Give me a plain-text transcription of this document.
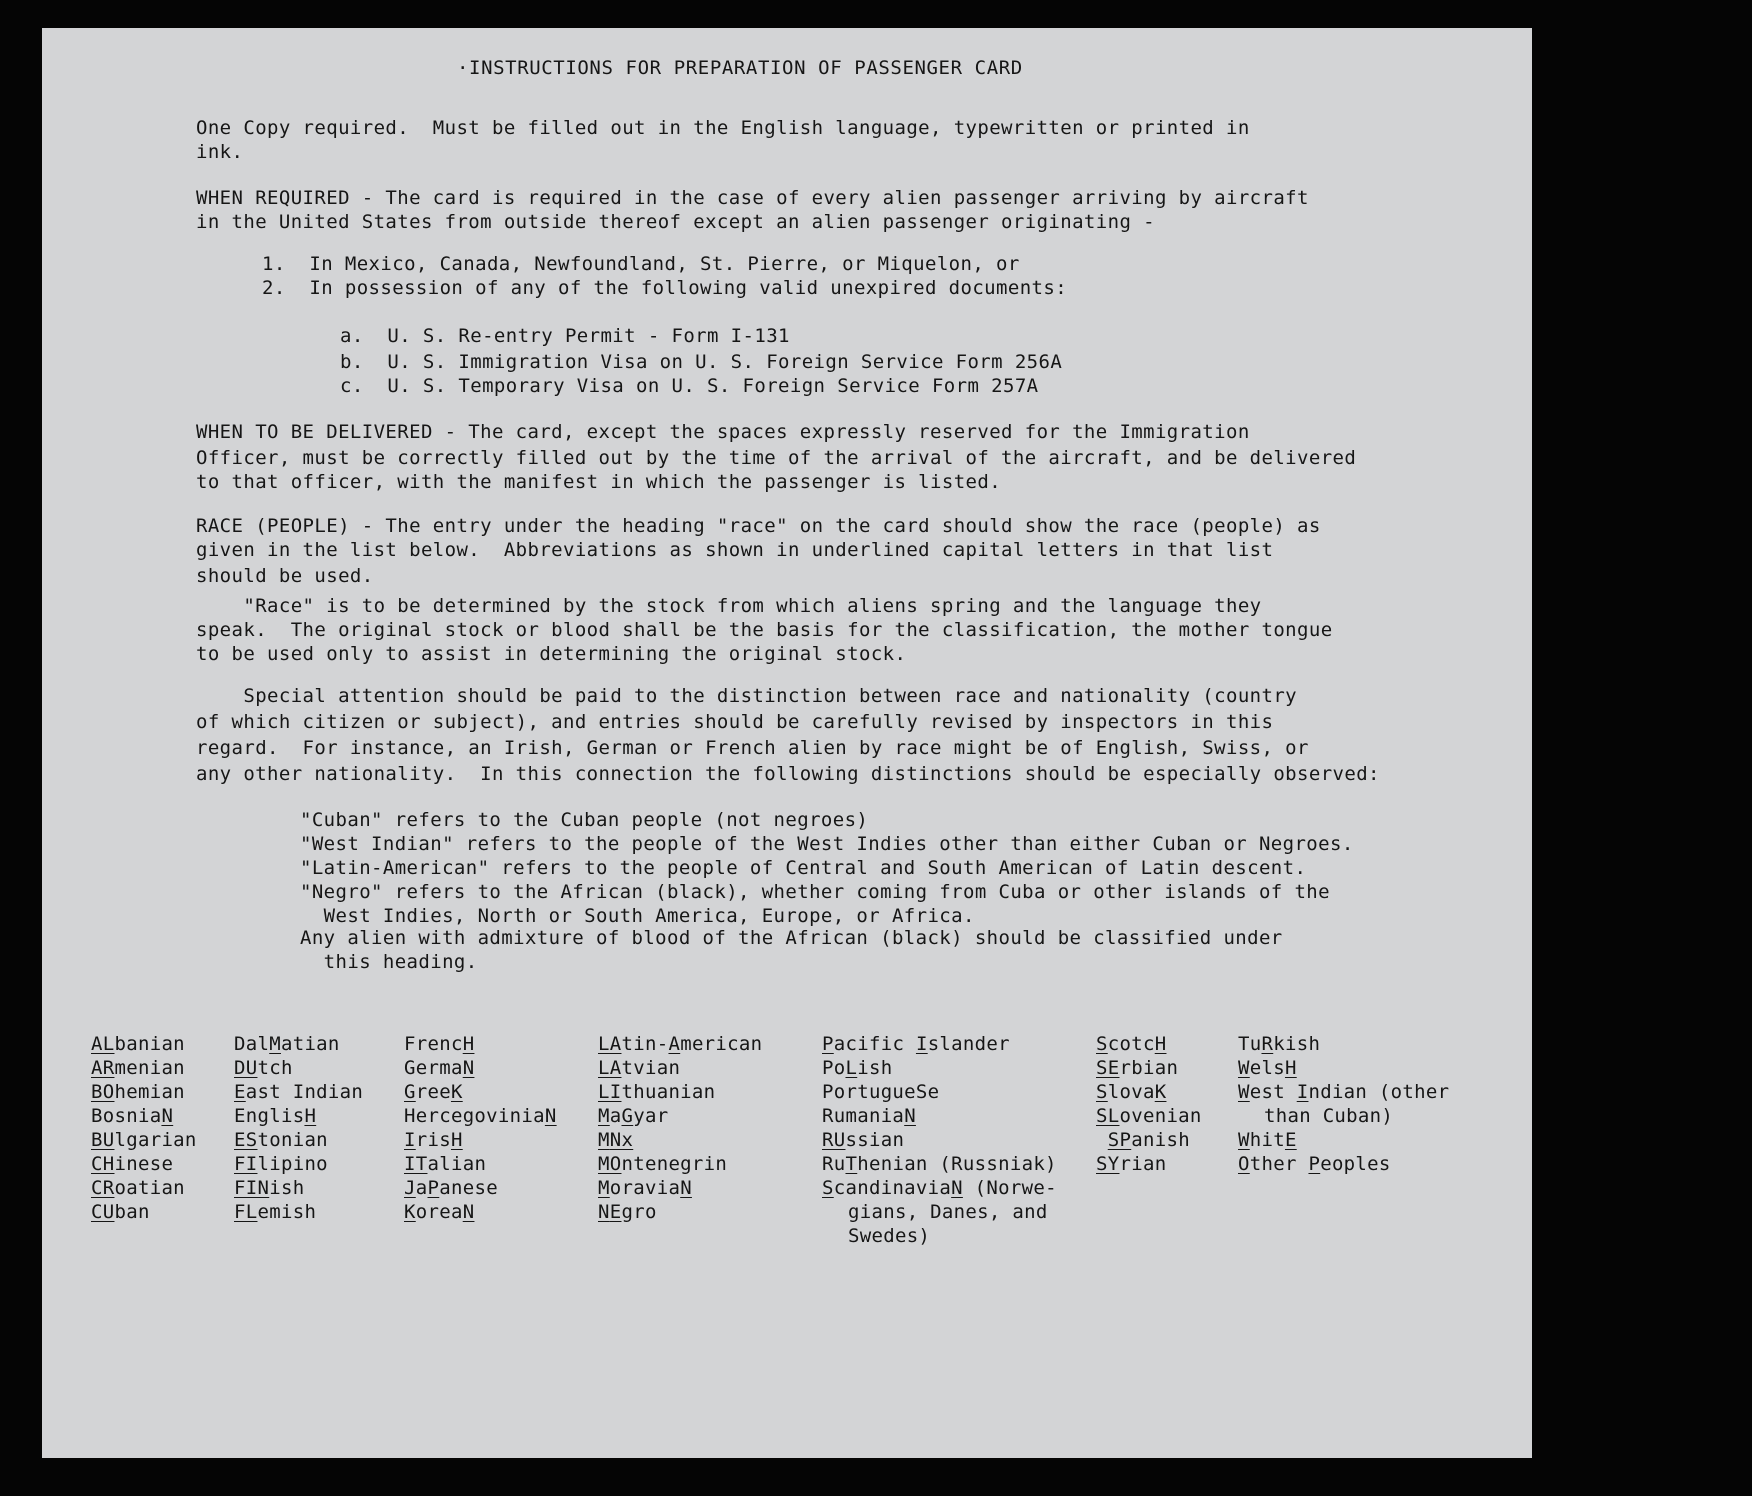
·INSTRUCTIONS FOR PREPARATION OF PASSENGER CARD
One Copy required.  Must be filled out in the English language, typewritten or printed in
ink.
WHEN REQUIRED - The card is required in the case of every alien passenger arriving by aircraft
in the United States from outside thereof except an alien passenger originating -
1.  In Mexico, Canada, Newfoundland, St. Pierre, or Miquelon, or
2.  In possession of any of the following valid unexpired documents:
a.  U. S. Re-entry Permit - Form I-131
b.  U. S. Immigration Visa on U. S. Foreign Service Form 256A
c.  U. S. Temporary Visa on U. S. Foreign Service Form 257A
WHEN TO BE DELIVERED - The card, except the spaces expressly reserved for the Immigration
Officer, must be correctly filled out by the time of the arrival of the aircraft, and be delivered
to that officer, with the manifest in which the passenger is listed.
RACE (PEOPLE) - The entry under the heading "race" on the card should show the race (people) as
given in the list below.  Abbreviations as shown in underlined capital letters in that list
should be used.
"Race" is to be determined by the stock from which aliens spring and the language they
speak.  The original stock or blood shall be the basis for the classification, the mother tongue
to be used only to assist in determining the original stock.
Special attention should be paid to the distinction between race and nationality (country
of which citizen or subject), and entries should be carefully revised by inspectors in this
regard.  For instance, an Irish, German or French alien by race might be of English, Swiss, or
any other nationality.  In this connection the following distinctions should be especially observed:
"Cuban" refers to the Cuban people (not negroes)
"West Indian" refers to the people of the West Indies other than either Cuban or Negroes.
"Latin-American" refers to the people of Central and South American of Latin descent.
"Negro" refers to the African (black), whether coming from Cuba or other islands of the
West Indies, North or South America, Europe, or Africa.
Any alien with admixture of blood of the African (black) should be classified under
this heading.
ALbanian
ARmenian
BOhemian
BosniaN
BUlgarian
CHinese
CRoatian
CUban
DalMatian
DUtch
East Indian
EnglisH
EStonian
FIlipino
FINish
FLemish
FrencH
GermaN
GreeK
HercegoviniaN
IrisH
ITalian
JaPanese
KoreaN
LAtin-American
LAtvian
LIthuanian
MaGyar
MNx
MOntenegrin
MoraviaN
NEgro
Pacific Islander
PoLish
PortugueSe
RumaniaN
RUssian
RuThenian (Russniak)
ScandinaviaN (Norwe-
gians, Danes, and
Swedes)
ScotcH
SErbian
SlovaK
SLovenian
SPanish
SYrian
TuRkish
WelsH
West Indian (other
than Cuban)
WhitE
Other Peoples
